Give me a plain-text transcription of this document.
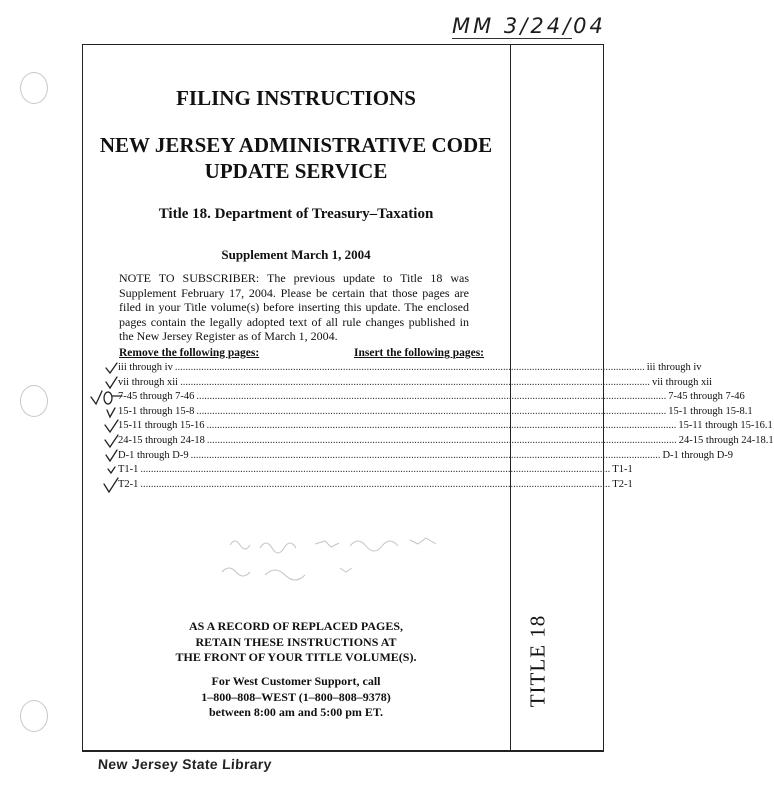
MM 3/24/04
TITLE 18
FILING INSTRUCTIONS
NEW JERSEY ADMINISTRATIVE CODE
UPDATE SERVICE
Title 18. Department of Treasury–Taxation
Supplement March 1, 2004
NOTE TO SUBSCRIBER: The previous update to Title 18 was Supplement February 17, 2004. Please be certain that those pages are filed in your Title volume(s) before inserting this update. The enclosed pages contain the legally adopted text of all rule changes published in the New Jersey Register as of March 1, 2004.
Remove the following pages:	Insert the following pages:
iii through iv ................................................................................................................................................................................... iii through iv
vii through xii ................................................................................................................................................................................... vii through xii
7-45 through 7-46 ................................................................................................................................................................................... 7-45 through 7-46
15-1 through 15-8 ................................................................................................................................................................................... 15-1 through 15-8.1
15-11 through 15-16 ................................................................................................................................................................................... 15-11 through 15-16.1
24-15 through 24-18 ................................................................................................................................................................................... 24-15 through 24-18.1
D-1 through D-9 ................................................................................................................................................................................... D-1 through D-9
T1-1 ................................................................................................................................................................................... T1-1
T2-1 ................................................................................................................................................................................... T2-1
AS A RECORD OF REPLACED PAGES,
RETAIN THESE INSTRUCTIONS AT
THE FRONT OF YOUR TITLE VOLUME(S).
For West Customer Support, call
1–800–808–WEST (1–800–808–9378)
between 8:00 am and 5:00 pm ET.
New Jersey State Library
